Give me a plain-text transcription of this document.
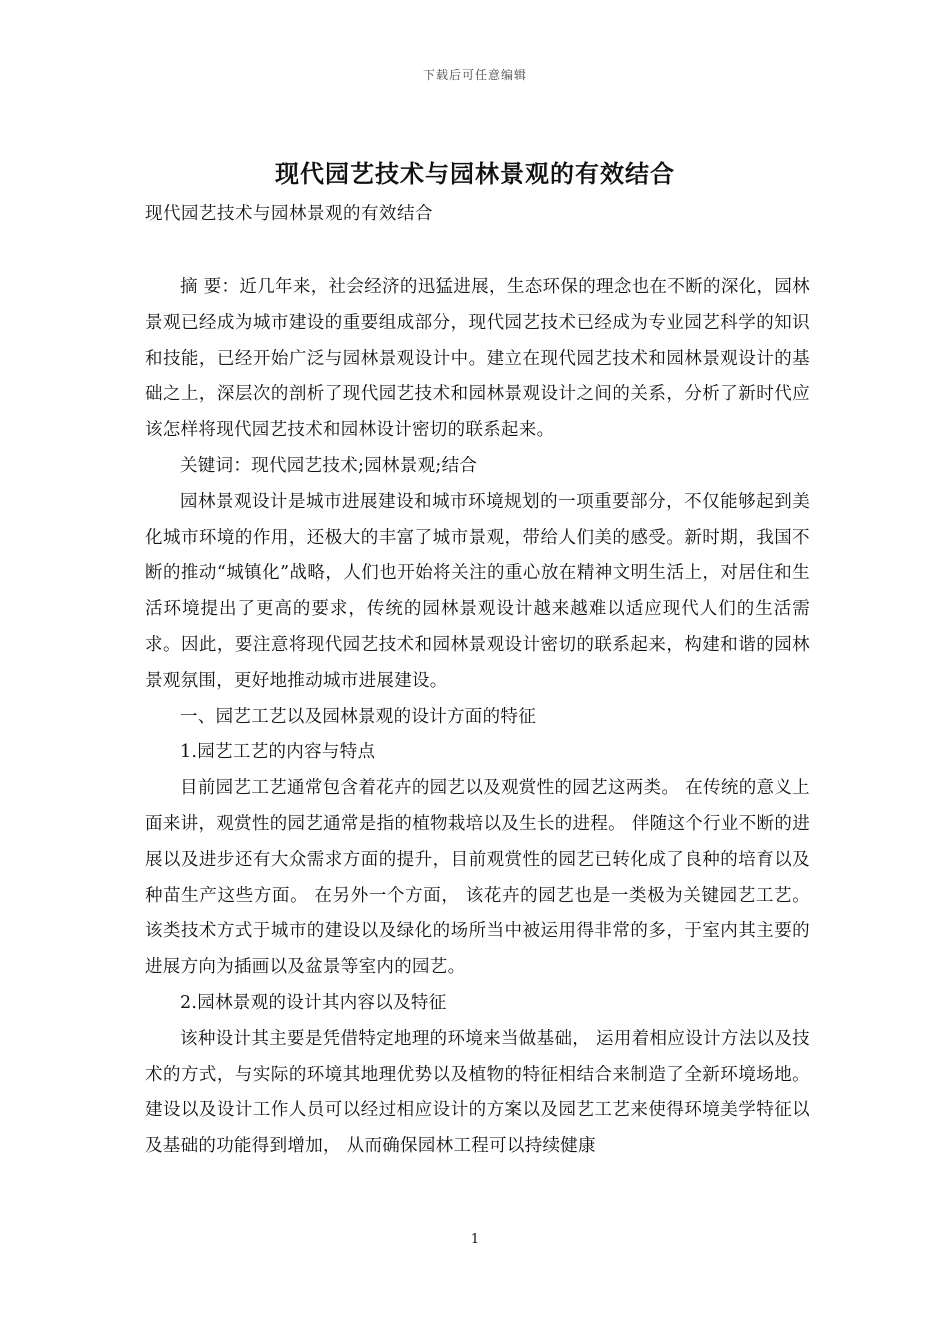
下载后可任意编辑
现代园艺技术与园林景观的有效结合
现代园艺技术与园林景观的有效结合

摘 要：近几年来，社会经济的迅猛进展，生态环保的理念也在不断的深化，园林景观已经成为城市建设的重要组成部分，现代园艺技术已经成为专业园艺科学的知识和技能，已经开始广泛与园林景观设计中。建立在现代园艺技术和园林景观设计的基础之上，深层次的剖析了现代园艺技术和园林景观设计之间的关系，分析了新时代应该怎样将现代园艺技术和园林设计密切的联系起来。

关键词：现代园艺技术;园林景观;结合

园林景观设计是城市进展建设和城市环境规划的一项重要部分，不仅能够起到美化城市环境的作用，还极大的丰富了城市景观，带给人们美的感受。新时期，我国不断的推动“城镇化”战略，人们也开始将关注的重心放在精神文明生活上，对居住和生活环境提出了更高的要求，传统的园林景观设计越来越难以适应现代人们的生活需求。因此，要注意将现代园艺技术和园林景观设计密切的联系起来，构建和谐的园林景观氛围，更好地推动城市进展建设。

一、园艺工艺以及园林景观的设计方面的特征

1.园艺工艺的内容与特点

目前园艺工艺通常包含着花卉的园艺以及观赏性的园艺这两类。 在传统的意义上面来讲，观赏性的园艺通常是指的植物栽培以及生长的进程。 伴随这个行业不断的进展以及进步还有大众需求方面的提升，目前观赏性的园艺已转化成了良种的培育以及种苗生产这些方面。 在另外一个方面， 该花卉的园艺也是一类极为关键园艺工艺。该类技术方式于城市的建设以及绿化的场所当中被运用得非常的多，于室内其主要的进展方向为插画以及盆景等室内的园艺。

2.园林景观的设计其内容以及特征

该种设计其主要是凭借特定地理的环境来当做基础， 运用着相应设计方法以及技术的方式，与实际的环境其地理优势以及植物的特征相结合来制造了全新环境场地。建设以及设计工作人员可以经过相应设计的方案以及园艺工艺来使得环境美学特征以及基础的功能得到增加， 从而确保园林工程可以持续健康

1
